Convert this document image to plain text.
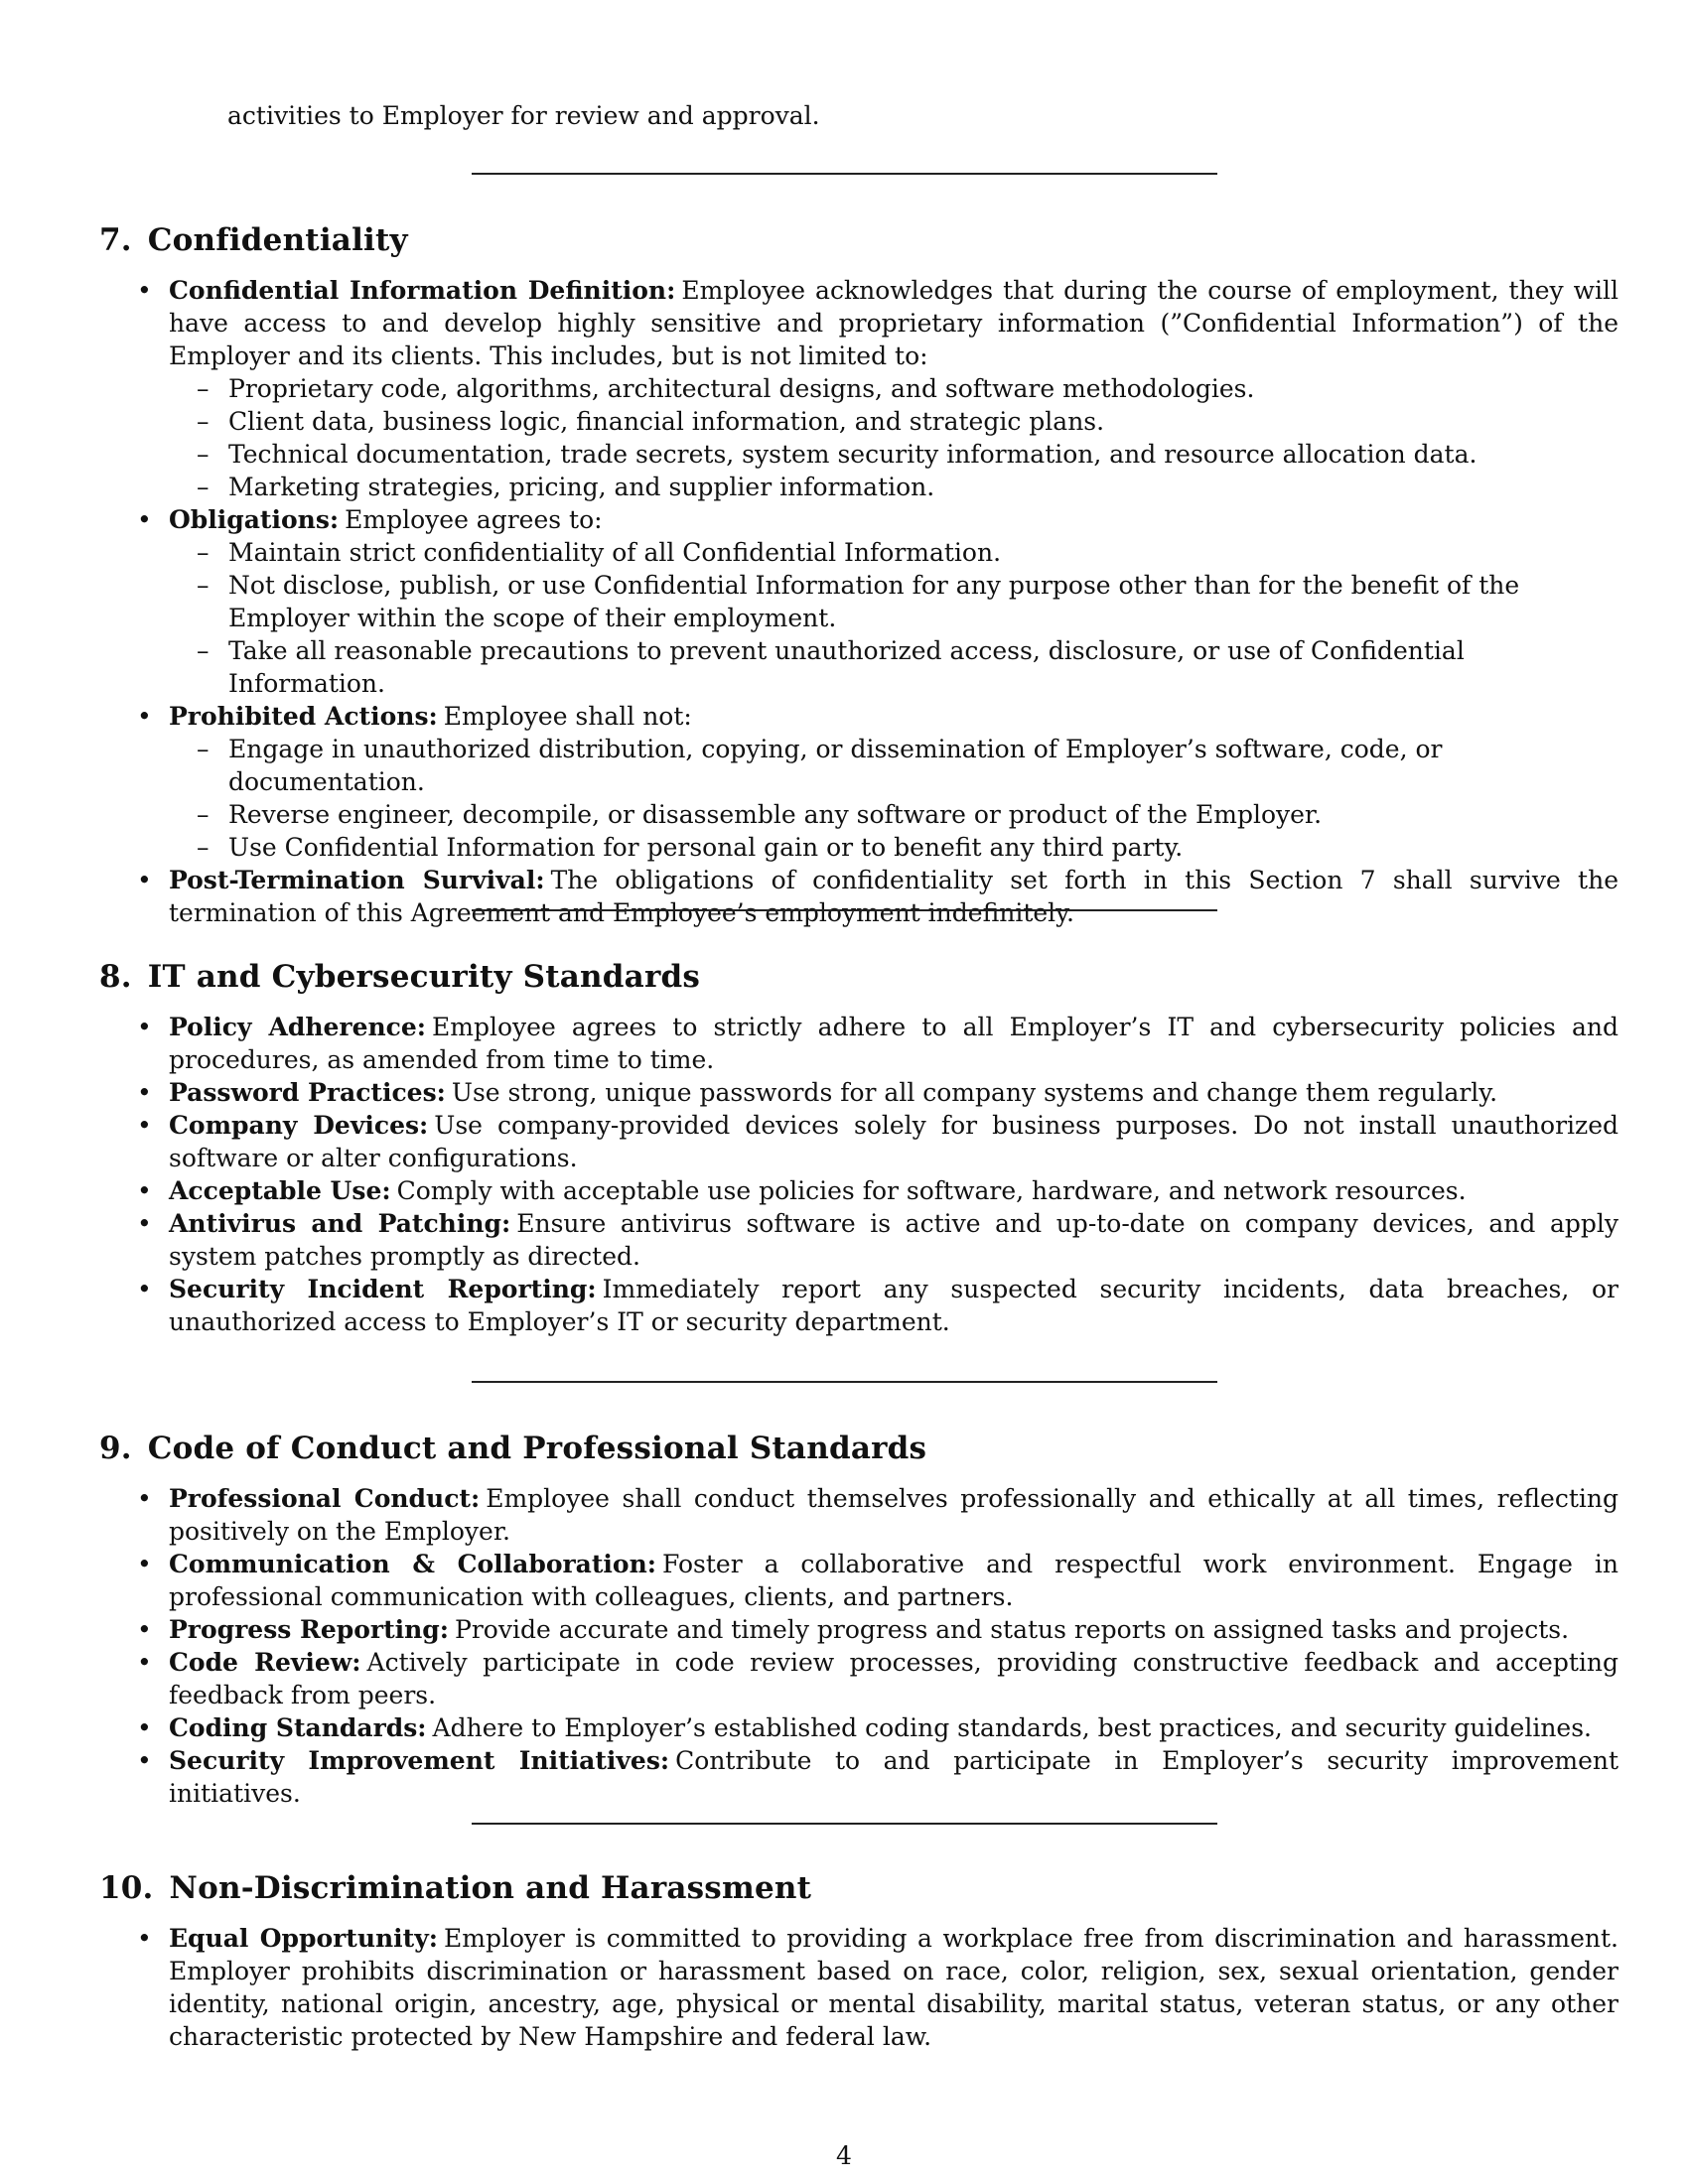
activities to Employer for review and approval.
7. Confidentiality
• Confidential Information Definition: Employee acknowledges that during the course of employment, they will have access to and develop highly sensitive and proprietary information (”Confidential Information”) of the Employer and its clients. This includes, but is not limited to:
– Proprietary code, algorithms, architectural designs, and software methodologies.
– Client data, business logic, financial information, and strategic plans.
– Technical documentation, trade secrets, system security information, and resource allocation data.
– Marketing strategies, pricing, and supplier information.
• Obligations: Employee agrees to:
– Maintain strict confidentiality of all Confidential Information.
– Not disclose, publish, or use Confidential Information for any purpose other than for the benefit of the Employer within the scope of their employment.
– Take all reasonable precautions to prevent unauthorized access, disclosure, or use of Confidential Information.
• Prohibited Actions: Employee shall not:
– Engage in unauthorized distribution, copying, or dissemination of Employer’s software, code, or documentation.
– Reverse engineer, decompile, or disassemble any software or product of the Employer.
– Use Confidential Information for personal gain or to benefit any third party.
• Post-Termination Survival: The obligations of confidentiality set forth in this Section 7 shall survive the termination of this Agreement and Employee’s employment indefinitely.
8. IT and Cybersecurity Standards
• Policy Adherence: Employee agrees to strictly adhere to all Employer’s IT and cybersecurity policies and procedures, as amended from time to time.
• Password Practices: Use strong, unique passwords for all company systems and change them regularly.
• Company Devices: Use company-provided devices solely for business purposes. Do not install unauthorized software or alter configurations.
• Acceptable Use: Comply with acceptable use policies for software, hardware, and network resources.
• Antivirus and Patching: Ensure antivirus software is active and up-to-date on company devices, and apply system patches promptly as directed.
• Security Incident Reporting: Immediately report any suspected security incidents, data breaches, or unauthorized access to Employer’s IT or security department.
9. Code of Conduct and Professional Standards
• Professional Conduct: Employee shall conduct themselves professionally and ethically at all times, reflecting positively on the Employer.
• Communication & Collaboration: Foster a collaborative and respectful work environment. Engage in professional communication with colleagues, clients, and partners.
• Progress Reporting: Provide accurate and timely progress and status reports on assigned tasks and projects.
• Code Review: Actively participate in code review processes, providing constructive feedback and accepting feedback from peers.
• Coding Standards: Adhere to Employer’s established coding standards, best practices, and security guidelines.
• Security Improvement Initiatives: Contribute to and participate in Employer’s security improvement initiatives.
10. Non-Discrimination and Harassment
• Equal Opportunity: Employer is committed to providing a workplace free from discrimination and harassment. Employer prohibits discrimination or harassment based on race, color, religion, sex, sexual orientation, gender identity, national origin, ancestry, age, physical or mental disability, marital status, veteran status, or any other characteristic protected by New Hampshire and federal law.
4
